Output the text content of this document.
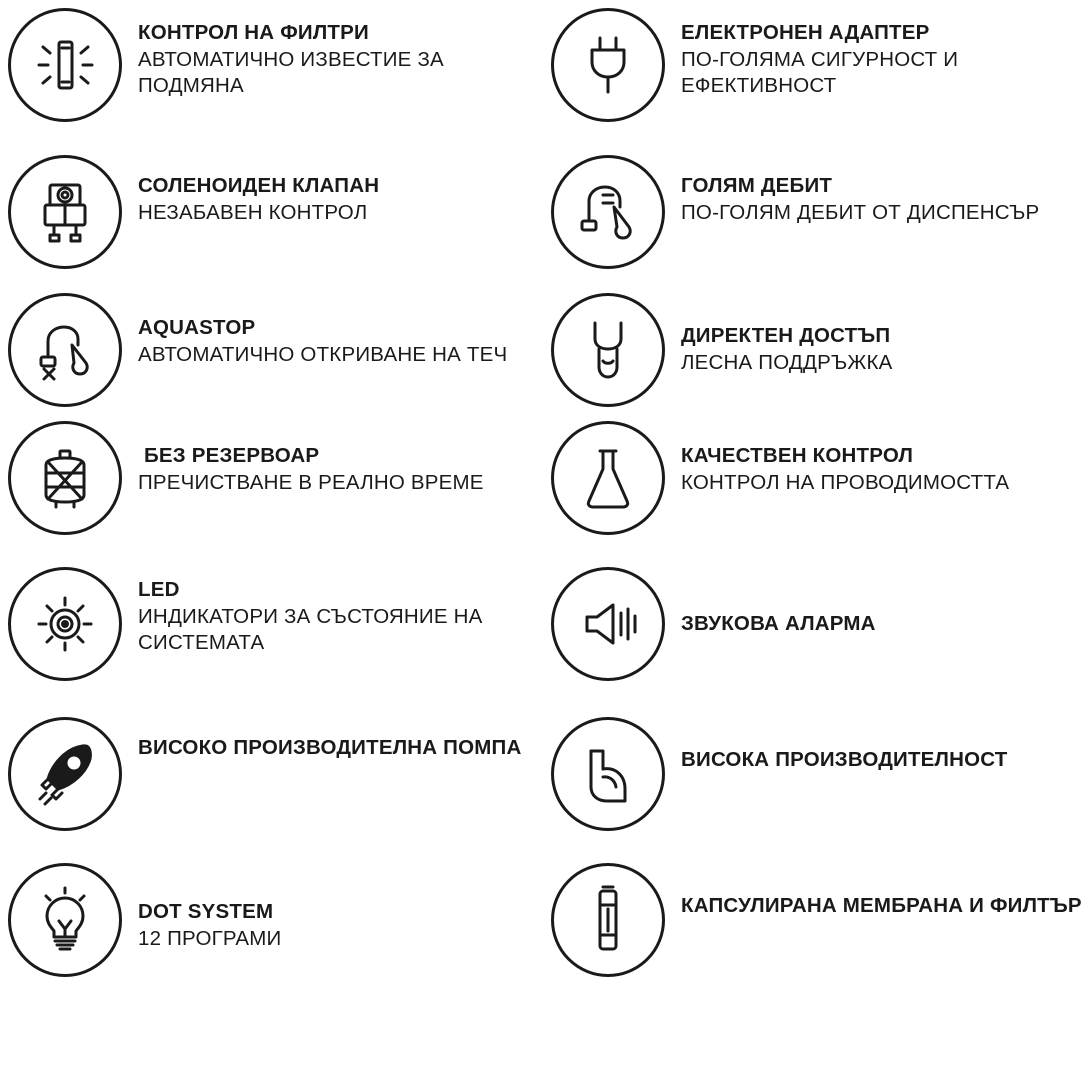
КОНТРОЛ НА ФИЛТРИ

АВТОМАТИЧНО ИЗВЕСТИЕ ЗА ПОДМЯНА

СОЛЕНОИДЕН КЛАПАН

НЕЗАБАВЕН КОНТРОЛ

AQUASTOP

АВТОМАТИЧНО ОТКРИВАНЕ НА ТЕЧ

БЕЗ РЕЗЕРВОАР

ПРЕЧИСТВАНЕ В РЕАЛНО ВРЕМЕ

LED

ИНДИКАТОРИ ЗА СЪСТОЯНИЕ НА СИСТЕМАТА

ВИСОКО ПРОИЗВОДИТЕЛНА ПОМПА

DOT SYSTEM

12 ПРОГРАМИ

ЕЛЕКТРОНЕН АДАПТЕР

ПО-ГОЛЯМА СИГУРНОСТ И ЕФЕКТИВНОСТ

ГОЛЯМ ДЕБИТ

ПО-ГОЛЯМ ДЕБИТ ОТ ДИСПЕНСЪР

ДИРЕКТЕН ДОСТЪП

ЛЕСНА ПОДДРЪЖКА

КАЧЕСТВЕН КОНТРОЛ

КОНТРОЛ НА ПРОВОДИМОСТТА

ЗВУКОВА АЛАРМА

ВИСОКА ПРОИЗВОДИТЕЛНОСТ

КАПСУЛИРАНА МЕМБРАНА И ФИЛТЪР
